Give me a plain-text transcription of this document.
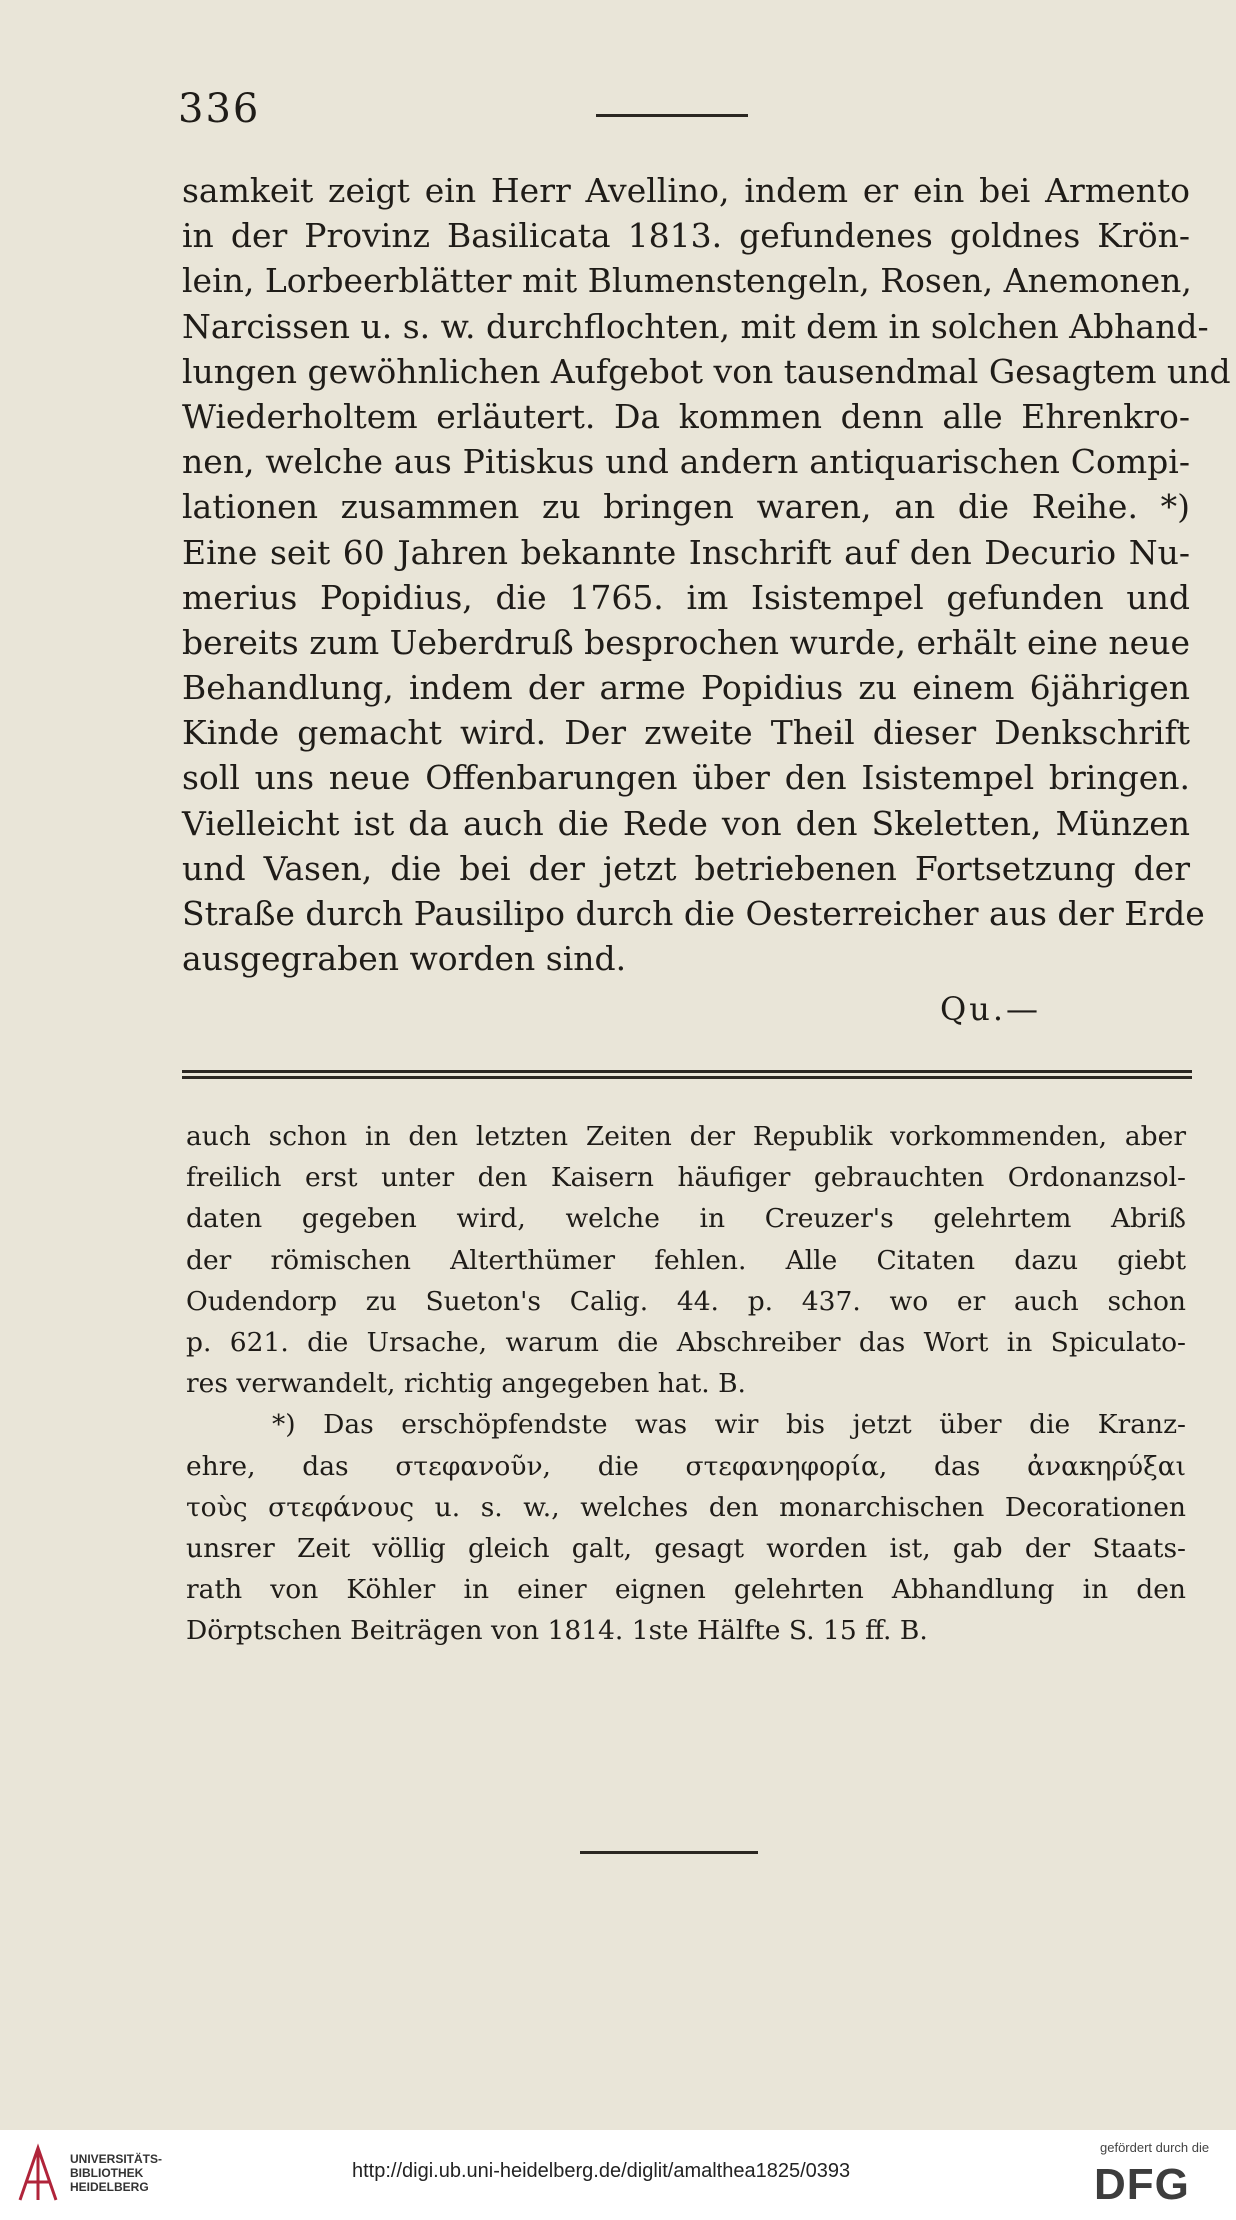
336
samkeit zeigt ein Herr Avellino, indem er ein bei Armento
in der Provinz Basilicata 1813. gefundenes goldnes Krön-
lein, Lorbeerblätter mit Blumenstengeln, Rosen, Anemonen,
Narcissen u. s. w. durchflochten, mit dem in solchen Abhand-
lungen gewöhnlichen Aufgebot von tausendmal Gesagtem und
Wiederholtem erläutert. Da kommen denn alle Ehrenkro-
nen, welche aus Pitiskus und andern antiquarischen Compi-
lationen zusammen zu bringen waren, an die Reihe. *)
Eine seit 60 Jahren bekannte Inschrift auf den Decurio Nu-
merius Popidius, die 1765. im Isistempel gefunden und
bereits zum Ueberdruß besprochen wurde, erhält eine neue
Behandlung, indem der arme Popidius zu einem 6jährigen
Kinde gemacht wird. Der zweite Theil dieser Denkschrift
soll uns neue Offenbarungen über den Isistempel bringen.
Vielleicht ist da auch die Rede von den Skeletten, Münzen
und Vasen, die bei der jetzt betriebenen Fortsetzung der
Straße durch Pausilipo durch die Oesterreicher aus der Erde
ausgegraben worden sind.
Qu.—
auch schon in den letzten Zeiten der Republik vorkommenden, aber
freilich erst unter den Kaisern häufiger gebrauchten Ordonanzsol-
daten gegeben wird, welche in Creuzer's gelehrtem Abriß
der römischen Alterthümer fehlen. Alle Citaten dazu giebt
Oudendorp zu Sueton's Calig. 44. p. 437. wo er auch schon
p. 621. die Ursache, warum die Abschreiber das Wort in Spiculato-
res verwandelt, richtig angegeben hat. B.
*) Das erschöpfendste was wir bis jetzt über die Kranz-
ehre, das στεφανοῦν, die στεφανηφορία, das ἀνακηρύξαι
τοὺς στεφάνους u. s. w., welches den monarchischen Decorationen
unsrer Zeit völlig gleich galt, gesagt worden ist, gab der Staats-
rath von Köhler in einer eignen gelehrten Abhandlung in den
Dörptschen Beiträgen von 1814. 1ste Hälfte S. 15 ff. B.
UNIVERSITÄTS-
BIBLIOTHEK
HEIDELBERG
http://digi.ub.uni-heidelberg.de/diglit/amalthea1825/0393
gefördert durch die
DFG
